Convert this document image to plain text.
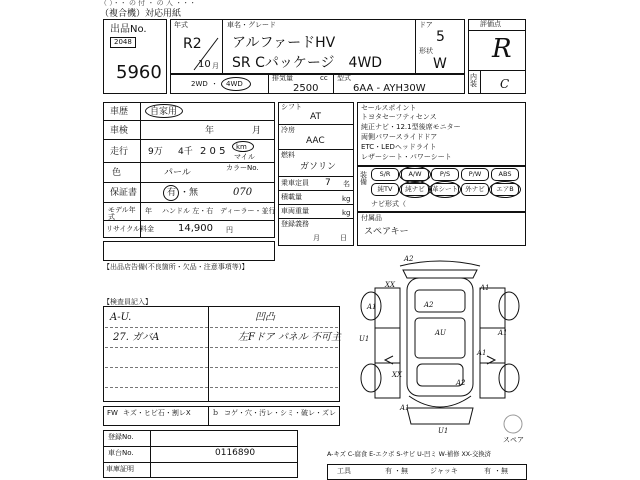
（ ）・・ の 付 ・ の 入 ・・・
（複合機）対応用紙
出品No.
2048
5960
年式
R2
10 月
車名・グレード
アルファードHV
SR Cパッケージ　4WD
ドア
5
形状
W
評価点
R
内装 C
2WD ・ 4WD
排気量	cc
2500
型式
6AA - AYH30W
車歴 自家用
車検	年	月
走行 9万 4千 2 0 5 km
マイル
色	パール	カラーNo.
保証書	有 ・無	070
モデル年式
年 ハンドル 左・右 ディーラー・並行
リサイクル料金 14,900 円
シフト
AT
冷房
AAC
燃料
ガソリン
乗車定員 7 名
積載量	kg
車両重量	kg
登録義務
月	日
セールスポイント
トヨタセーフティセンス
純正ナビ・12.1型後席モニター
両側パワースライドドア
ETC・LEDヘッドライト
レザーシート・パワーシート
装備
S/R	A/W	P/S	P/W	ABS
純TV	純ナビ	革シート	外ナビ	エアB
ナビ形式（
付属品
スペアキー
【出品店告備(不良箇所・欠品・注意事項等)】
【検査員記入】
A-U.	凹凸
27. ガバA	左Fドア パネル 不可主
FW キズ・ヒビ石・割レX	ｂ コゲ・穴・汚レ・シミ・破レ・ズレ
登録No.
車台No.	0116890
車庫証明	工具	有 ・無	ジャッキ	有 ・無
A2
XX	A1
A1	A2
AU	A1
U1
A1
XX
A2
A1
U1
スペア
A-キズ C-腐食 E-エクボ S-サビ U-凹ミ W-補修 XX-交換済
